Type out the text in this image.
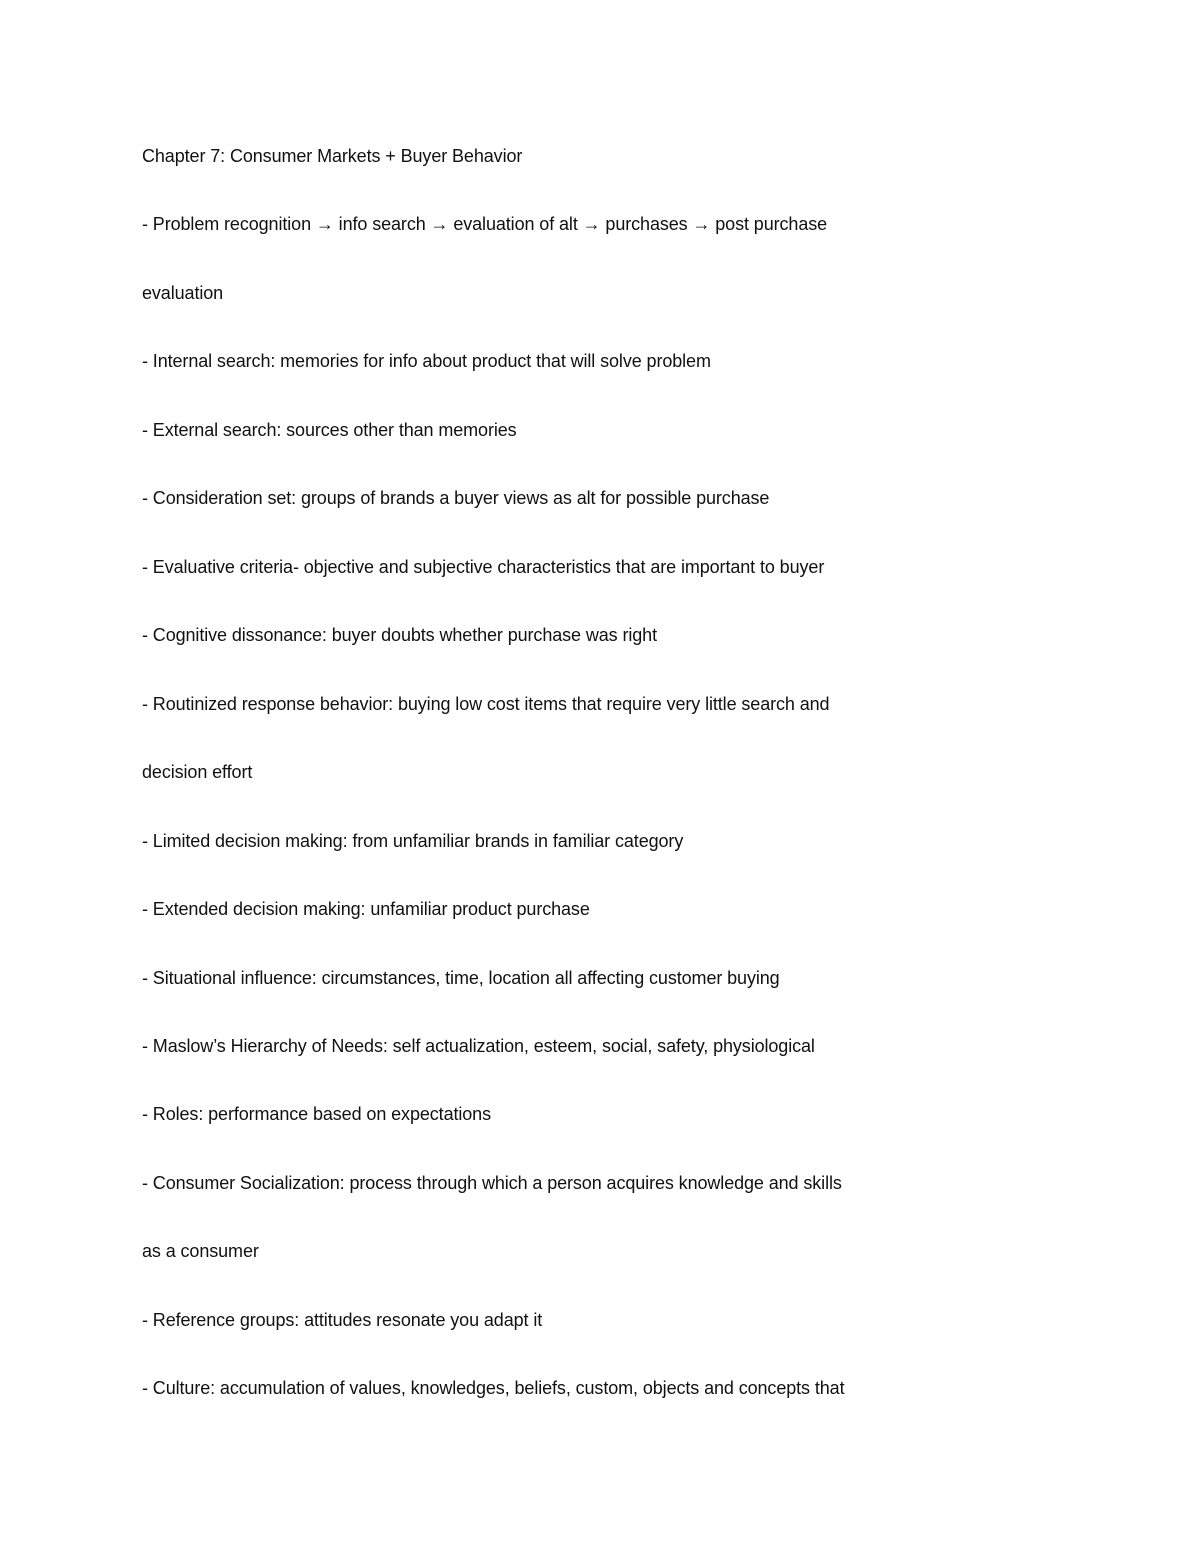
Chapter 7: Consumer Markets + Buyer Behavior
- Problem recognition → info search → evaluation of alt → purchases → post purchase
evaluation
- Internal search: memories for info about product that will solve problem
- External search: sources other than memories
- Consideration set: groups of brands a buyer views as alt for possible purchase
- Evaluative criteria- objective and subjective characteristics that are important to buyer
- Cognitive dissonance: buyer doubts whether purchase was right
- Routinized response behavior: buying low cost items that require very little search and
decision effort
- Limited decision making: from unfamiliar brands in familiar category
- Extended decision making: unfamiliar product purchase
- Situational influence: circumstances, time, location all affecting customer buying
- Maslow’s Hierarchy of Needs: self actualization, esteem, social, safety, physiological
- Roles: performance based on expectations
- Consumer Socialization: process through which a person acquires knowledge and skills
as a consumer
- Reference groups: attitudes resonate you adapt it
- Culture: accumulation of values, knowledges, beliefs, custom, objects and concepts that
